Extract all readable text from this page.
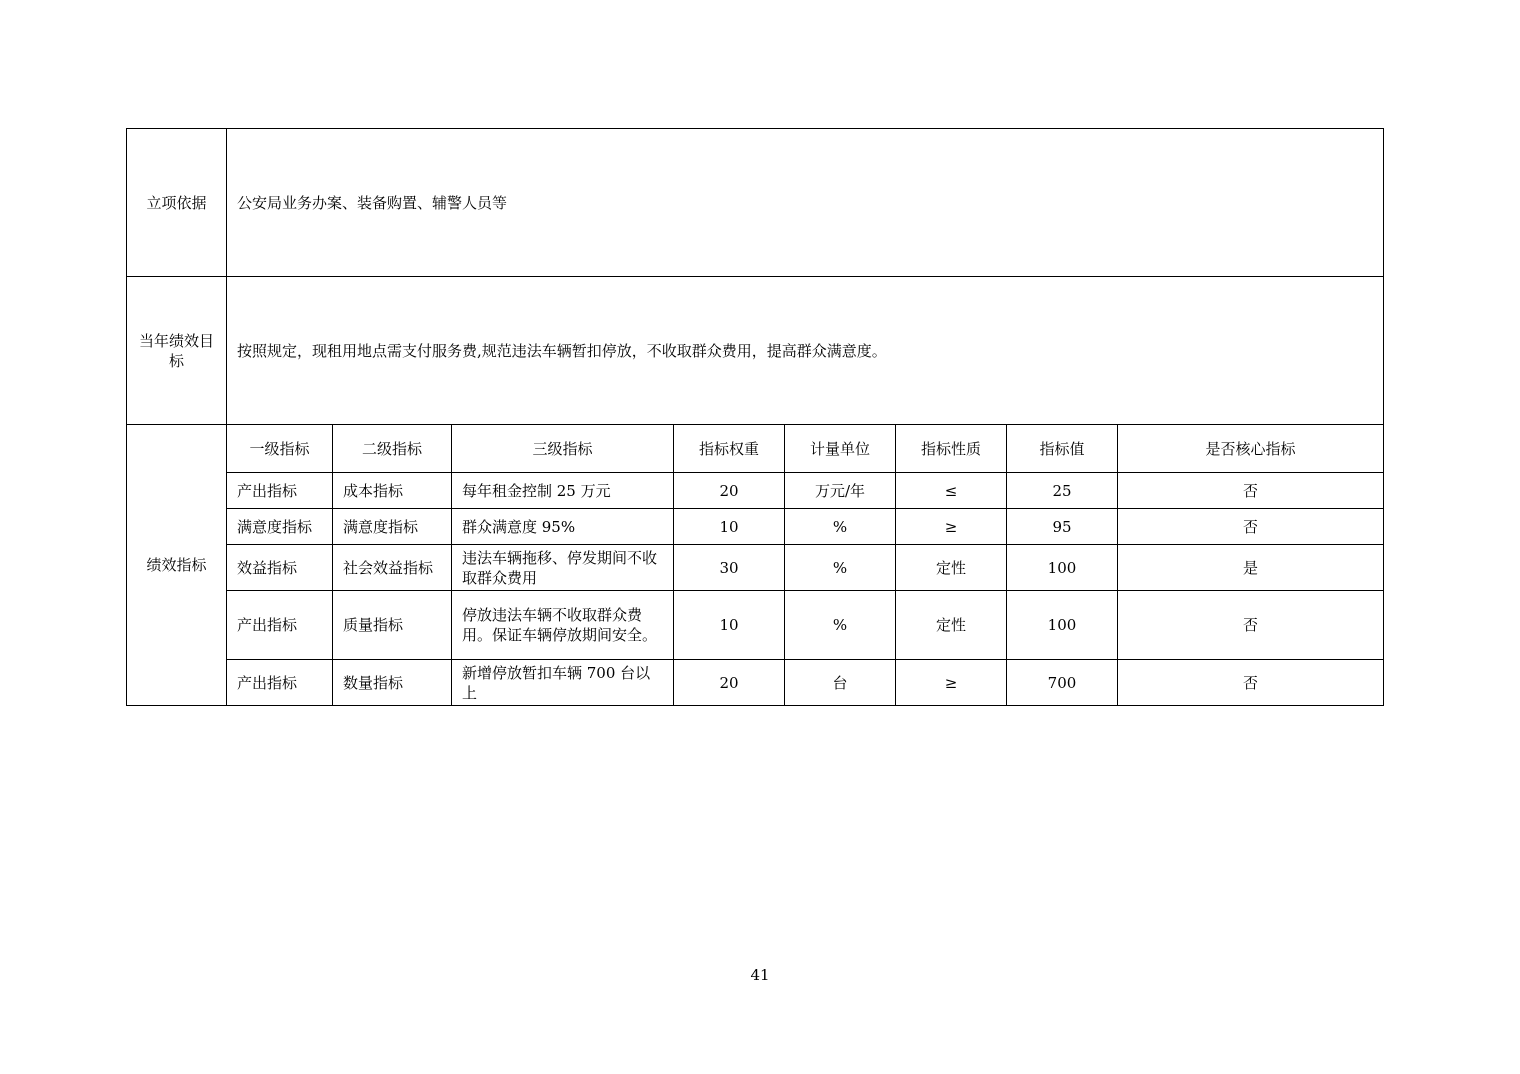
立项依据	公安局业务办案、装备购置、辅警人员等							
当年绩效目标	按照规定，现租用地点需支付服务费,规范违法车辆暂扣停放，不收取群众费用，提高群众满意度。							
绩效指标	一级指标	二级指标	三级指标	指标权重	计量单位	指标性质	指标值	是否核心指标
	产出指标	成本指标	每年租金控制 25 万元	20	万元/年	≤	25	否
	满意度指标	满意度指标	群众满意度 95%	10	%	≥	95	否
	效益指标	社会效益指标	违法车辆拖移、停发期间不收取群众费用	30	%	定性	100	是
	产出指标	质量指标	停放违法车辆不收取群众费用。保证车辆停放期间安全。	10	%	定性	100	否
	产出指标	数量指标	新增停放暂扣车辆 700 台以上	20	台	≥	700	否
41
